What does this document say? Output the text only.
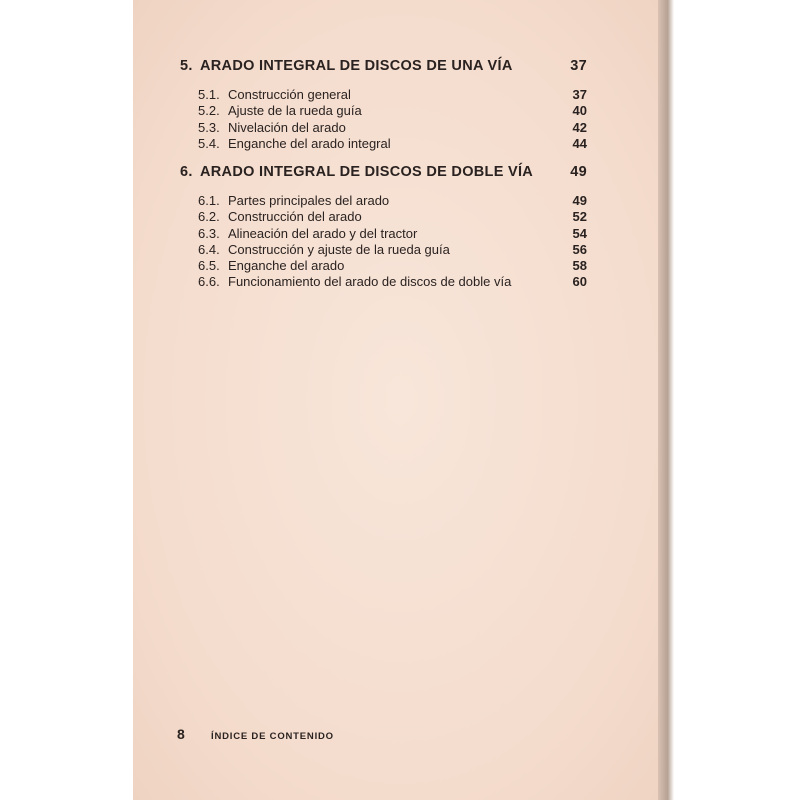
5. ARADO INTEGRAL DE DISCOS DE UNA VÍA	37
5.1. Construcción general	37
5.2. Ajuste de la rueda guía	40
5.3. Nivelación del arado	42
5.4. Enganche del arado integral	44
6. ARADO INTEGRAL DE DISCOS DE DOBLE VÍA	49
6.1. Partes principales del arado	49
6.2. Construcción del arado	52
6.3. Alineación del arado y del tractor	54
6.4. Construcción y ajuste de la rueda guía	56
6.5. Enganche del arado	58
6.6. Funcionamiento del arado de discos de doble vía	60
8	ÍNDICE DE CONTENIDO
